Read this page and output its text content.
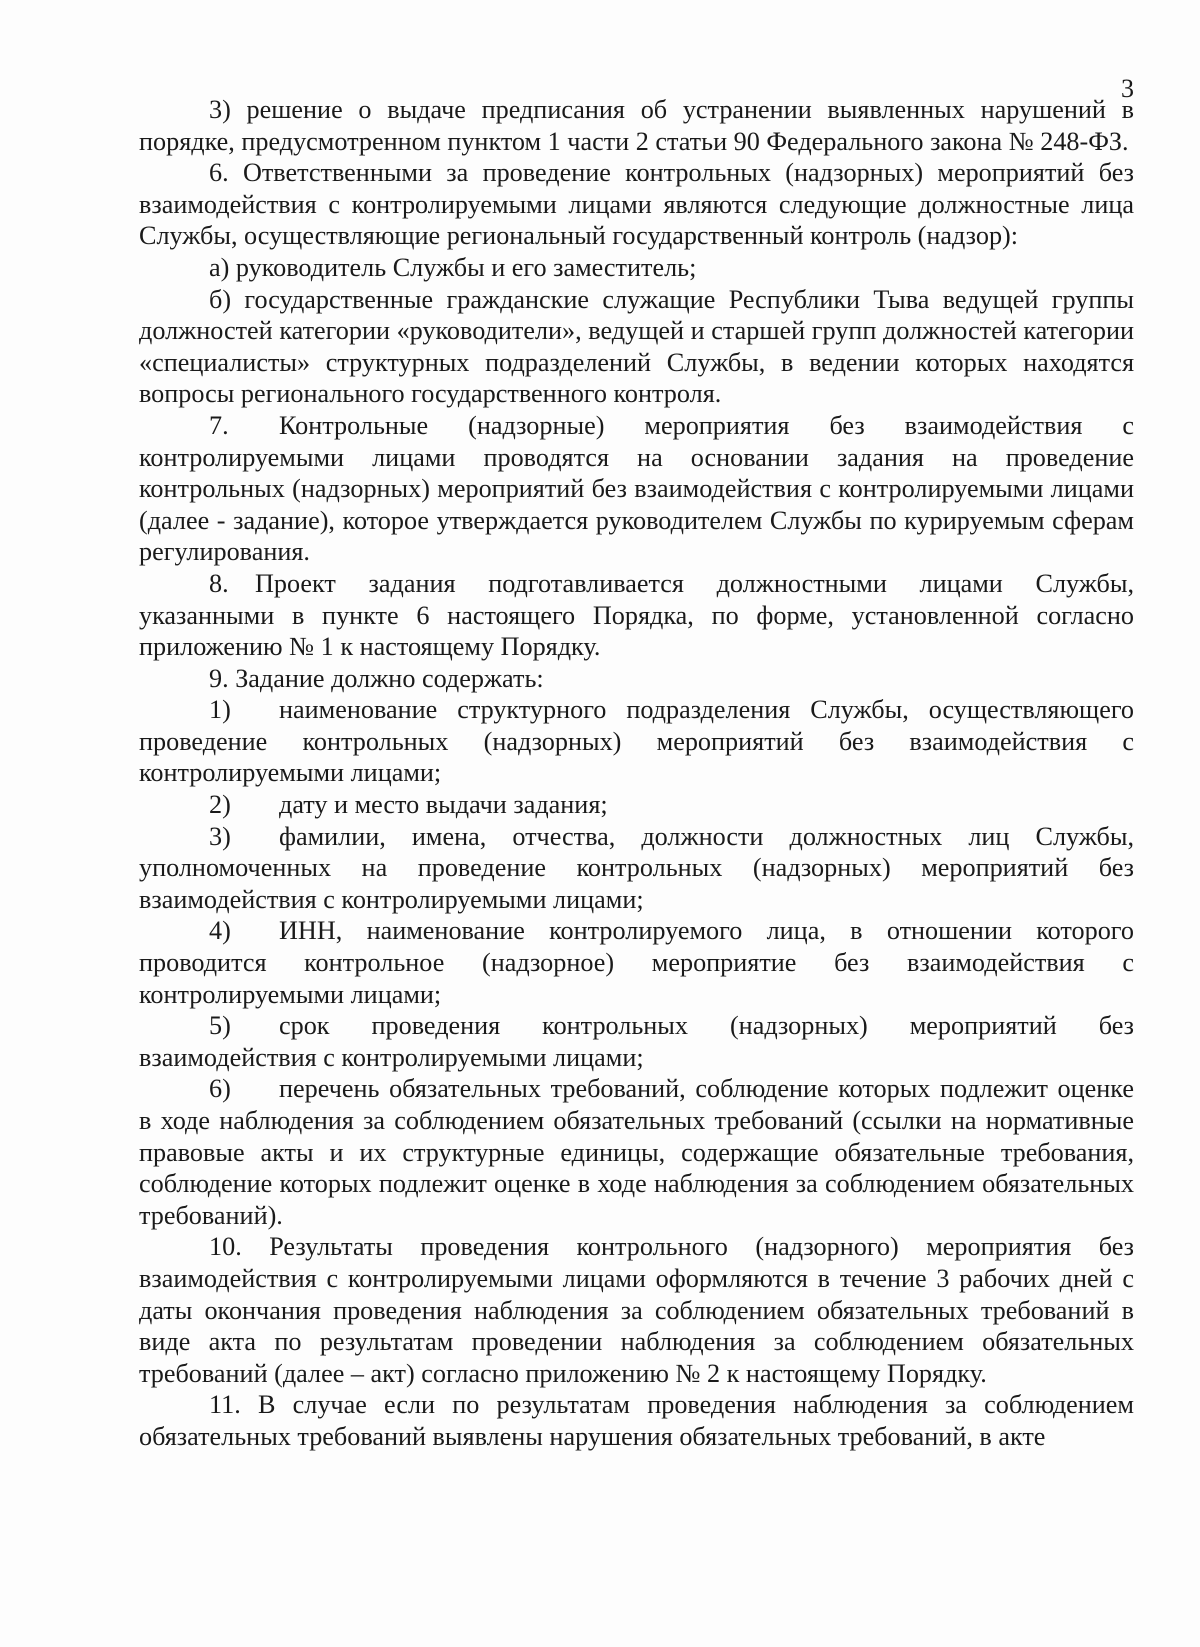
3

3) решение о выдаче предписания об устранении выявленных нарушений в порядке, предусмотренном пунктом 1 части 2 статьи 90 Федерального закона № 248-ФЗ.

6. Ответственными за проведение контрольных (надзорных) мероприятий без взаимодействия с контролируемыми лицами являются следующие должностные лица Службы, осуществляющие региональный государственный контроль (надзор):

а) руководитель Службы и его заместитель;

б) государственные гражданские служащие Республики Тыва ведущей группы должностей категории «руководители», ведущей и старшей групп должностей категории «специалисты» структурных подразделений Службы, в ведении которых находятся вопросы регионального государственного контроля.

7. Контрольные (надзорные) мероприятия без взаимодействия с контролируемыми лицами проводятся на основании задания на проведение контрольных (надзорных) мероприятий без взаимодействия с контролируемыми лицами (далее - задание), которое утверждается руководителем Службы по курируемым сферам регулирования.

8. Проект задания подготавливается должностными лицами Службы, указанными в пункте 6 настоящего Порядка, по форме, установленной согласно приложению № 1 к настоящему Порядку.

9. Задание должно содержать:

1) наименование структурного подразделения Службы, осуществляющего проведение контрольных (надзорных) мероприятий без взаимодействия с контролируемыми лицами;

2) дату и место выдачи задания;

3) фамилии, имена, отчества, должности должностных лиц Службы, уполномоченных на проведение контрольных (надзорных) мероприятий без взаимодействия с контролируемыми лицами;

4) ИНН, наименование контролируемого лица, в отношении которого проводится контрольное (надзорное) мероприятие без взаимодействия с контролируемыми лицами;

5) срок проведения контрольных (надзорных) мероприятий без взаимодействия с контролируемыми лицами;

6) перечень обязательных требований, соблюдение которых подлежит оценке в ходе наблюдения за соблюдением обязательных требований (ссылки на нормативные правовые акты и их структурные единицы, содержащие обязательные требования, соблюдение которых подлежит оценке в ходе наблюдения за соблюдением обязательных требований).

10. Результаты проведения контрольного (надзорного) мероприятия без взаимодействия с контролируемыми лицами оформляются в течение 3 рабочих дней с даты окончания проведения наблюдения за соблюдением обязательных требований в виде акта по результатам проведении наблюдения за соблюдением обязательных требований (далее – акт) согласно приложению № 2 к настоящему Порядку.

11. В случае если по результатам проведения наблюдения за соблюдением обязательных требований выявлены нарушения обязательных требований, в акте
